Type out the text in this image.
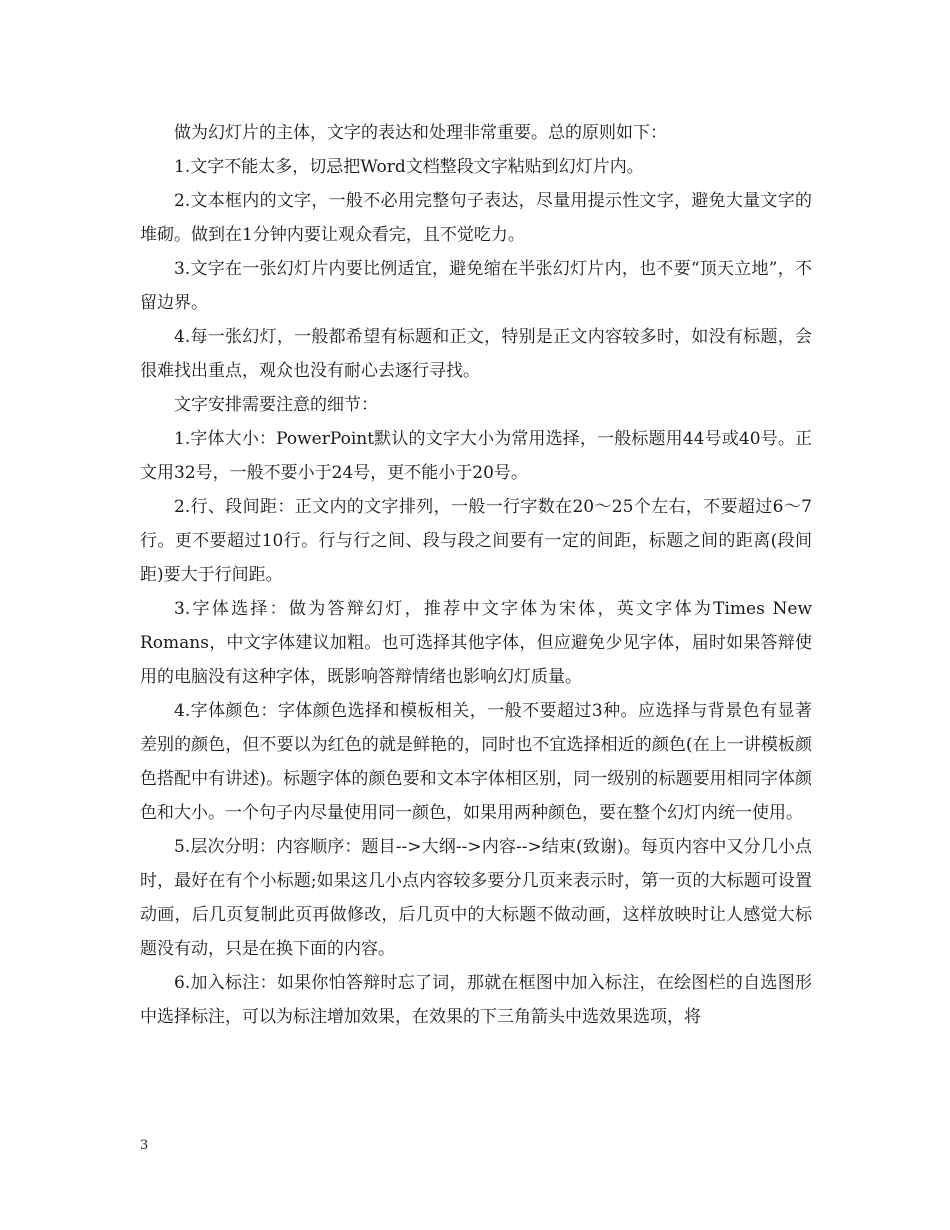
做为幻灯片的主体，文字的表达和处理非常重要。总的原则如下：

1.文字不能太多，切忌把Word文档整段文字粘贴到幻灯片内。

2.文本框内的文字，一般不必用完整句子表达，尽量用提示性文字，避免大量文字的堆砌。做到在1分钟内要让观众看完，且不觉吃力。

3.文字在一张幻灯片内要比例适宜，避免缩在半张幻灯片内，也不要“顶天立地”，不留边界。

4.每一张幻灯，一般都希望有标题和正文，特别是正文内容较多时，如没有标题，会很难找出重点，观众也没有耐心去逐行寻找。

文字安排需要注意的细节：

1.字体大小：PowerPoint默认的文字大小为常用选择，一般标题用44号或40号。正文用32号，一般不要小于24号，更不能小于20号。

2.行、段间距：正文内的文字排列，一般一行字数在20～25个左右，不要超过6～7行。更不要超过10行。行与行之间、段与段之间要有一定的间距，标题之间的距离(段间距)要大于行间距。

3.字体选择：做为答辩幻灯，推荐中文字体为宋体，英文字体为Times New Romans，中文字体建议加粗。也可选择其他字体，但应避免少见字体，届时如果答辩使用的电脑没有这种字体，既影响答辩情绪也影响幻灯质量。

4.字体颜色：字体颜色选择和模板相关，一般不要超过3种。应选择与背景色有显著差别的颜色，但不要以为红色的就是鲜艳的，同时也不宜选择相近的颜色(在上一讲模板颜色搭配中有讲述)。标题字体的颜色要和文本字体相区别，同一级别的标题要用相同字体颜色和大小。一个句子内尽量使用同一颜色，如果用两种颜色，要在整个幻灯内统一使用。

5.层次分明：内容顺序：题目-->大纲-->内容-->结束(致谢)。每页内容中又分几小点时，最好在有个小标题;如果这几小点内容较多要分几页来表示时，第一页的大标题可设置动画，后几页复制此页再做修改，后几页中的大标题不做动画，这样放映时让人感觉大标题没有动，只是在换下面的内容。

6.加入标注：如果你怕答辩时忘了词，那就在框图中加入标注，在绘图栏的自选图形中选择标注，可以为标注增加效果，在效果的下三角箭头中选效果选项，将

3
